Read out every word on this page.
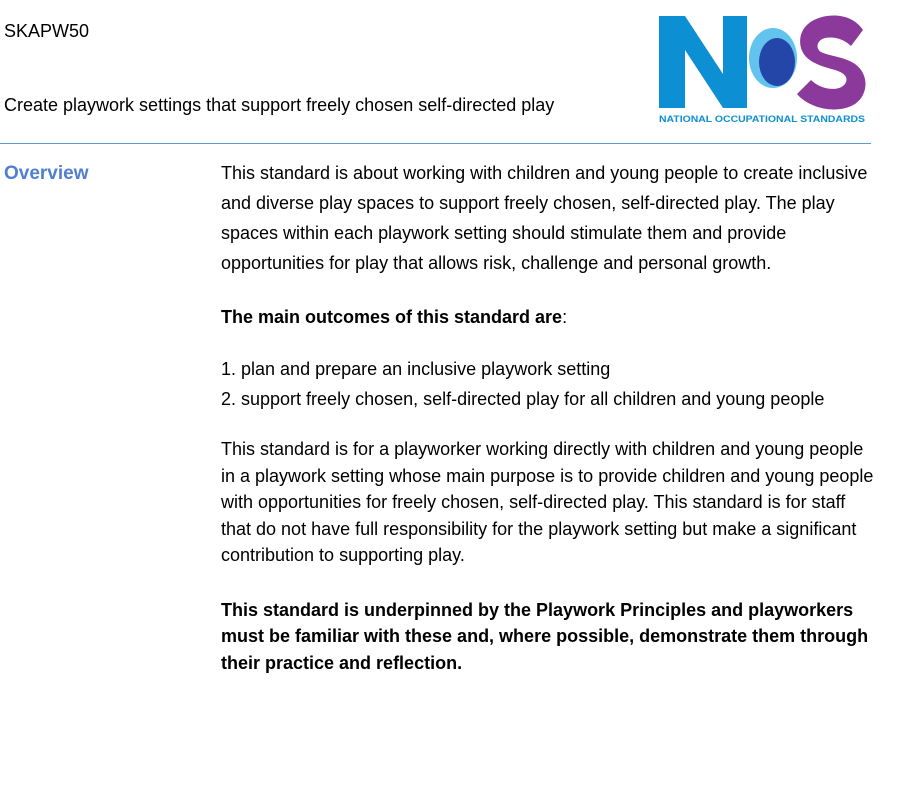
SKAPW50
Create playwork settings that support freely chosen self-directed play
NATIONAL OCCUPATIONAL STANDARDS
Overview	This standard is about working with children and young people to create inclusive and diverse play spaces to support freely chosen, self-directed play. The play spaces within each playwork setting should stimulate them and provide opportunities for play that allows risk, challenge and personal growth.

The main outcomes of this standard are:

1. plan and prepare an inclusive playwork setting
2. support freely chosen, self-directed play for all children and young people

This standard is for a playworker working directly with children and young people in a playwork setting whose main purpose is to provide children and young people with opportunities for freely chosen, self-directed play. This standard is for staff that do not have full responsibility for the playwork setting but make a significant contribution to supporting play.

This standard is underpinned by the Playwork Principles and playworkers must be familiar with these and, where possible, demonstrate them through their practice and reflection.
